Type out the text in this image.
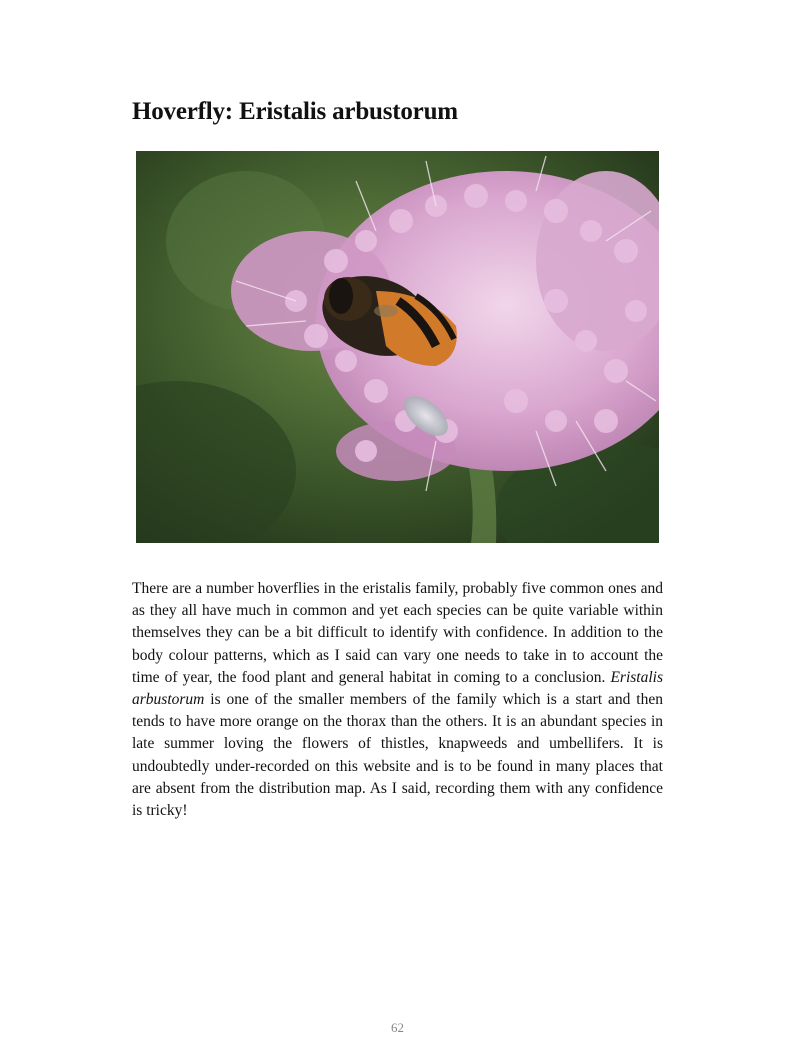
Hoverfly: Eristalis arbustorum

There are a number hoverflies in the eristalis family, probably five common ones and as they all have much in common and yet each species can be quite variable within themselves they can be a bit difficult to identify with confidence. In addition to the body colour patterns, which as I said can vary one needs to take in to account the time of year, the food plant and general habitat in coming to a conclusion. Eristalis arbustorum is one of the smaller members of the family which is a start and then tends to have more orange on the thorax than the others. It is an abundant species in late summer loving the flowers of thistles, knapweeds and umbellifers. It is undoubtedly under-recorded on this website and is to be found in many places that are absent from the distribution map. As I said, recording them with any confidence is tricky!

62
